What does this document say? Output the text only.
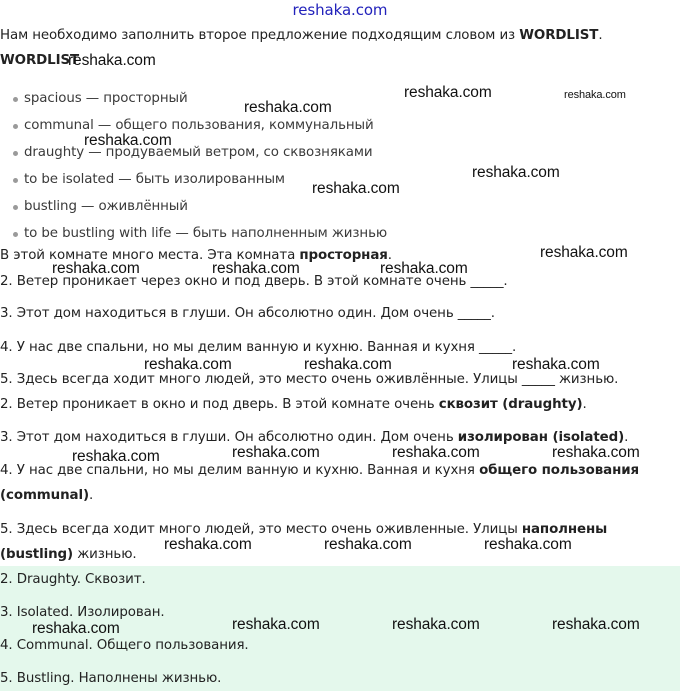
reshaka.com
Нам необходимо заполнить второе предложение подходящим словом из WORDLIST.
WORDLIST
spacious — просторный
communal — общего пользования, коммунальный
draughty — продуваемый ветром, со сквозняками
to be isolated — быть изолированным
bustling — оживлённый
to be bustling with life — быть наполненным жизнью
В этой комнате много места. Эта комната просторная.
2. Ветер проникает через окно и под дверь. В этой комнате очень _____.
3. Этот дом находиться в глуши. Он абсолютно один. Дом очень _____.
4. У нас две спальни, но мы делим ванную и кухню. Ванная и кухня _____.
5. Здесь всегда ходит много людей, это место очень оживлённые. Улицы _____ жизнью.
2. Ветер проникает в окно и под дверь. В этой комнате очень сквозит (draughty).
3. Этот дом находиться в глуши. Он абсолютно один. Дом очень изолирован (isolated).
4. У нас две спальни, но мы делим ванную и кухню. Ванная и кухня общего пользования
(communal).
5. Здесь всегда ходит много людей, это место очень оживленные. Улицы наполнены
(bustling) жизнью.
2. Draughty. Сквозит.
3. Isolated. Изолирован.
4. Communal. Общего пользования.
5. Bustling. Наполнены жизнью.
reshaka.com
reshaka.com
reshaka.com	reshaka.com
reshaka.com
reshaka.com
reshaka.com
reshaka.com
reshaka.com	reshaka.com	reshaka.com
reshaka.com	reshaka.com	reshaka.com
reshaka.com	reshaka.com	reshaka.com	reshaka.com
reshaka.com	reshaka.com	reshaka.com
reshaka.com	reshaka.com	reshaka.com	reshaka.com
